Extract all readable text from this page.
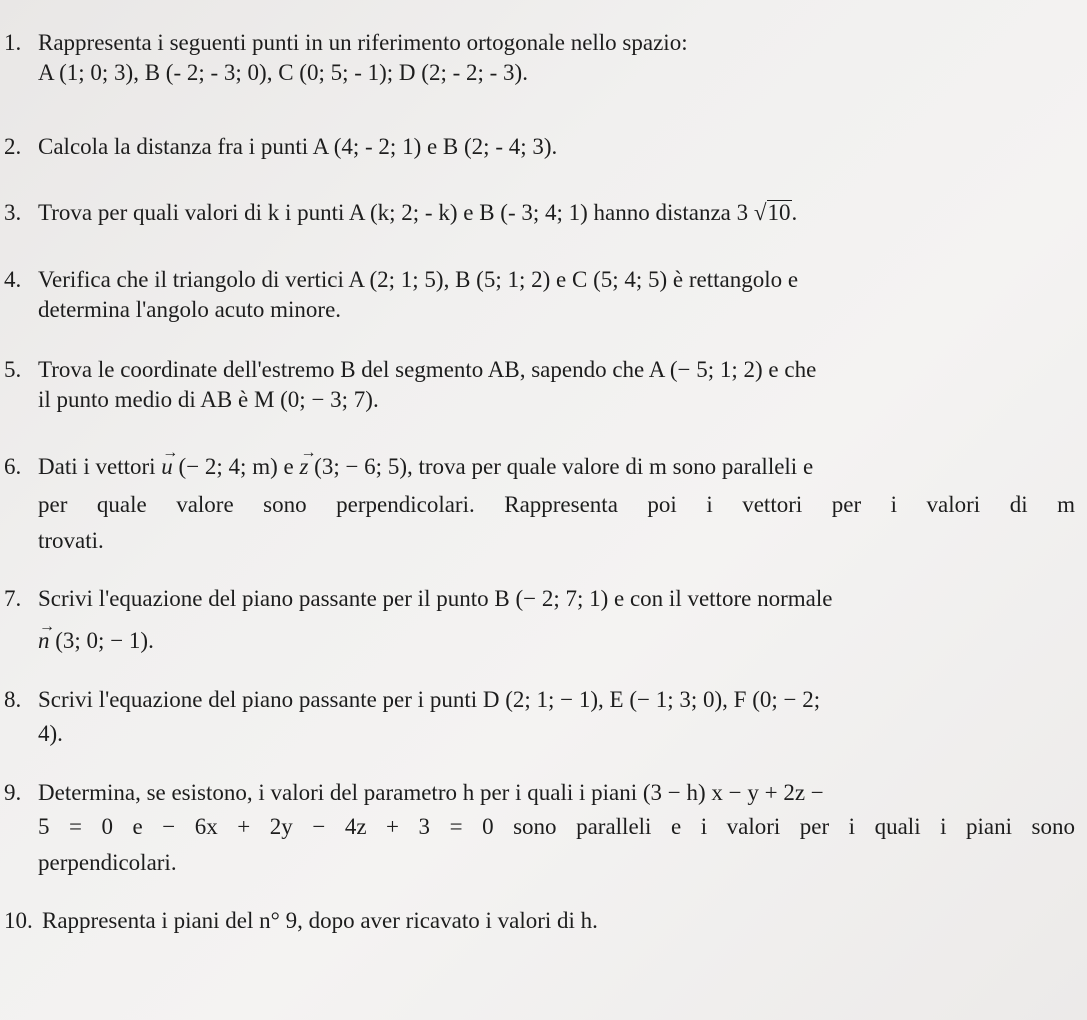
1. Rappresenta i seguenti punti in un riferimento ortogonale nello spazio:
A (1; 0; 3), B (- 2; - 3; 0), C (0; 5; - 1); D (2; - 2; - 3).
2. Calcola la distanza fra i punti A (4; - 2; 1) e B (2; - 4; 3).
3. Trova per quali valori di k i punti A (k; 2; - k) e B (- 3; 4; 1) hanno distanza 3 √10.
4. Verifica che il triangolo di vertici A (2; 1; 5), B (5; 1; 2) e C (5; 4; 5) è rettangolo e
determina l'angolo acuto minore.
5. Trova le coordinate dell'estremo B del segmento AB, sapendo che A (− 5; 1; 2) e che
il punto medio di AB è M (0; − 3; 7).
6. Dati i vettori
→
u (− 2; 4; m) e
→
z (3; − 6; 5), trova per quale valore di m sono paralleli e
per quale valore sono perpendicolari. Rappresenta poi i vettori per i valori di m
trovati.
7. Scrivi l'equazione del piano passante per il punto B (− 2; 7; 1) e con il vettore normale
→
n (3; 0; − 1).
8. Scrivi l'equazione del piano passante per i punti D (2; 1; − 1), E (− 1; 3; 0), F (0; − 2;
4).
9. Determina, se esistono, i valori del parametro h per i quali i piani (3 − h) x − y + 2z −
5 = 0 e − 6x + 2y − 4z + 3 = 0 sono paralleli e i valori per i quali i piani sono
perpendicolari.
10. Rappresenta i piani del n° 9, dopo aver ricavato i valori di h.
